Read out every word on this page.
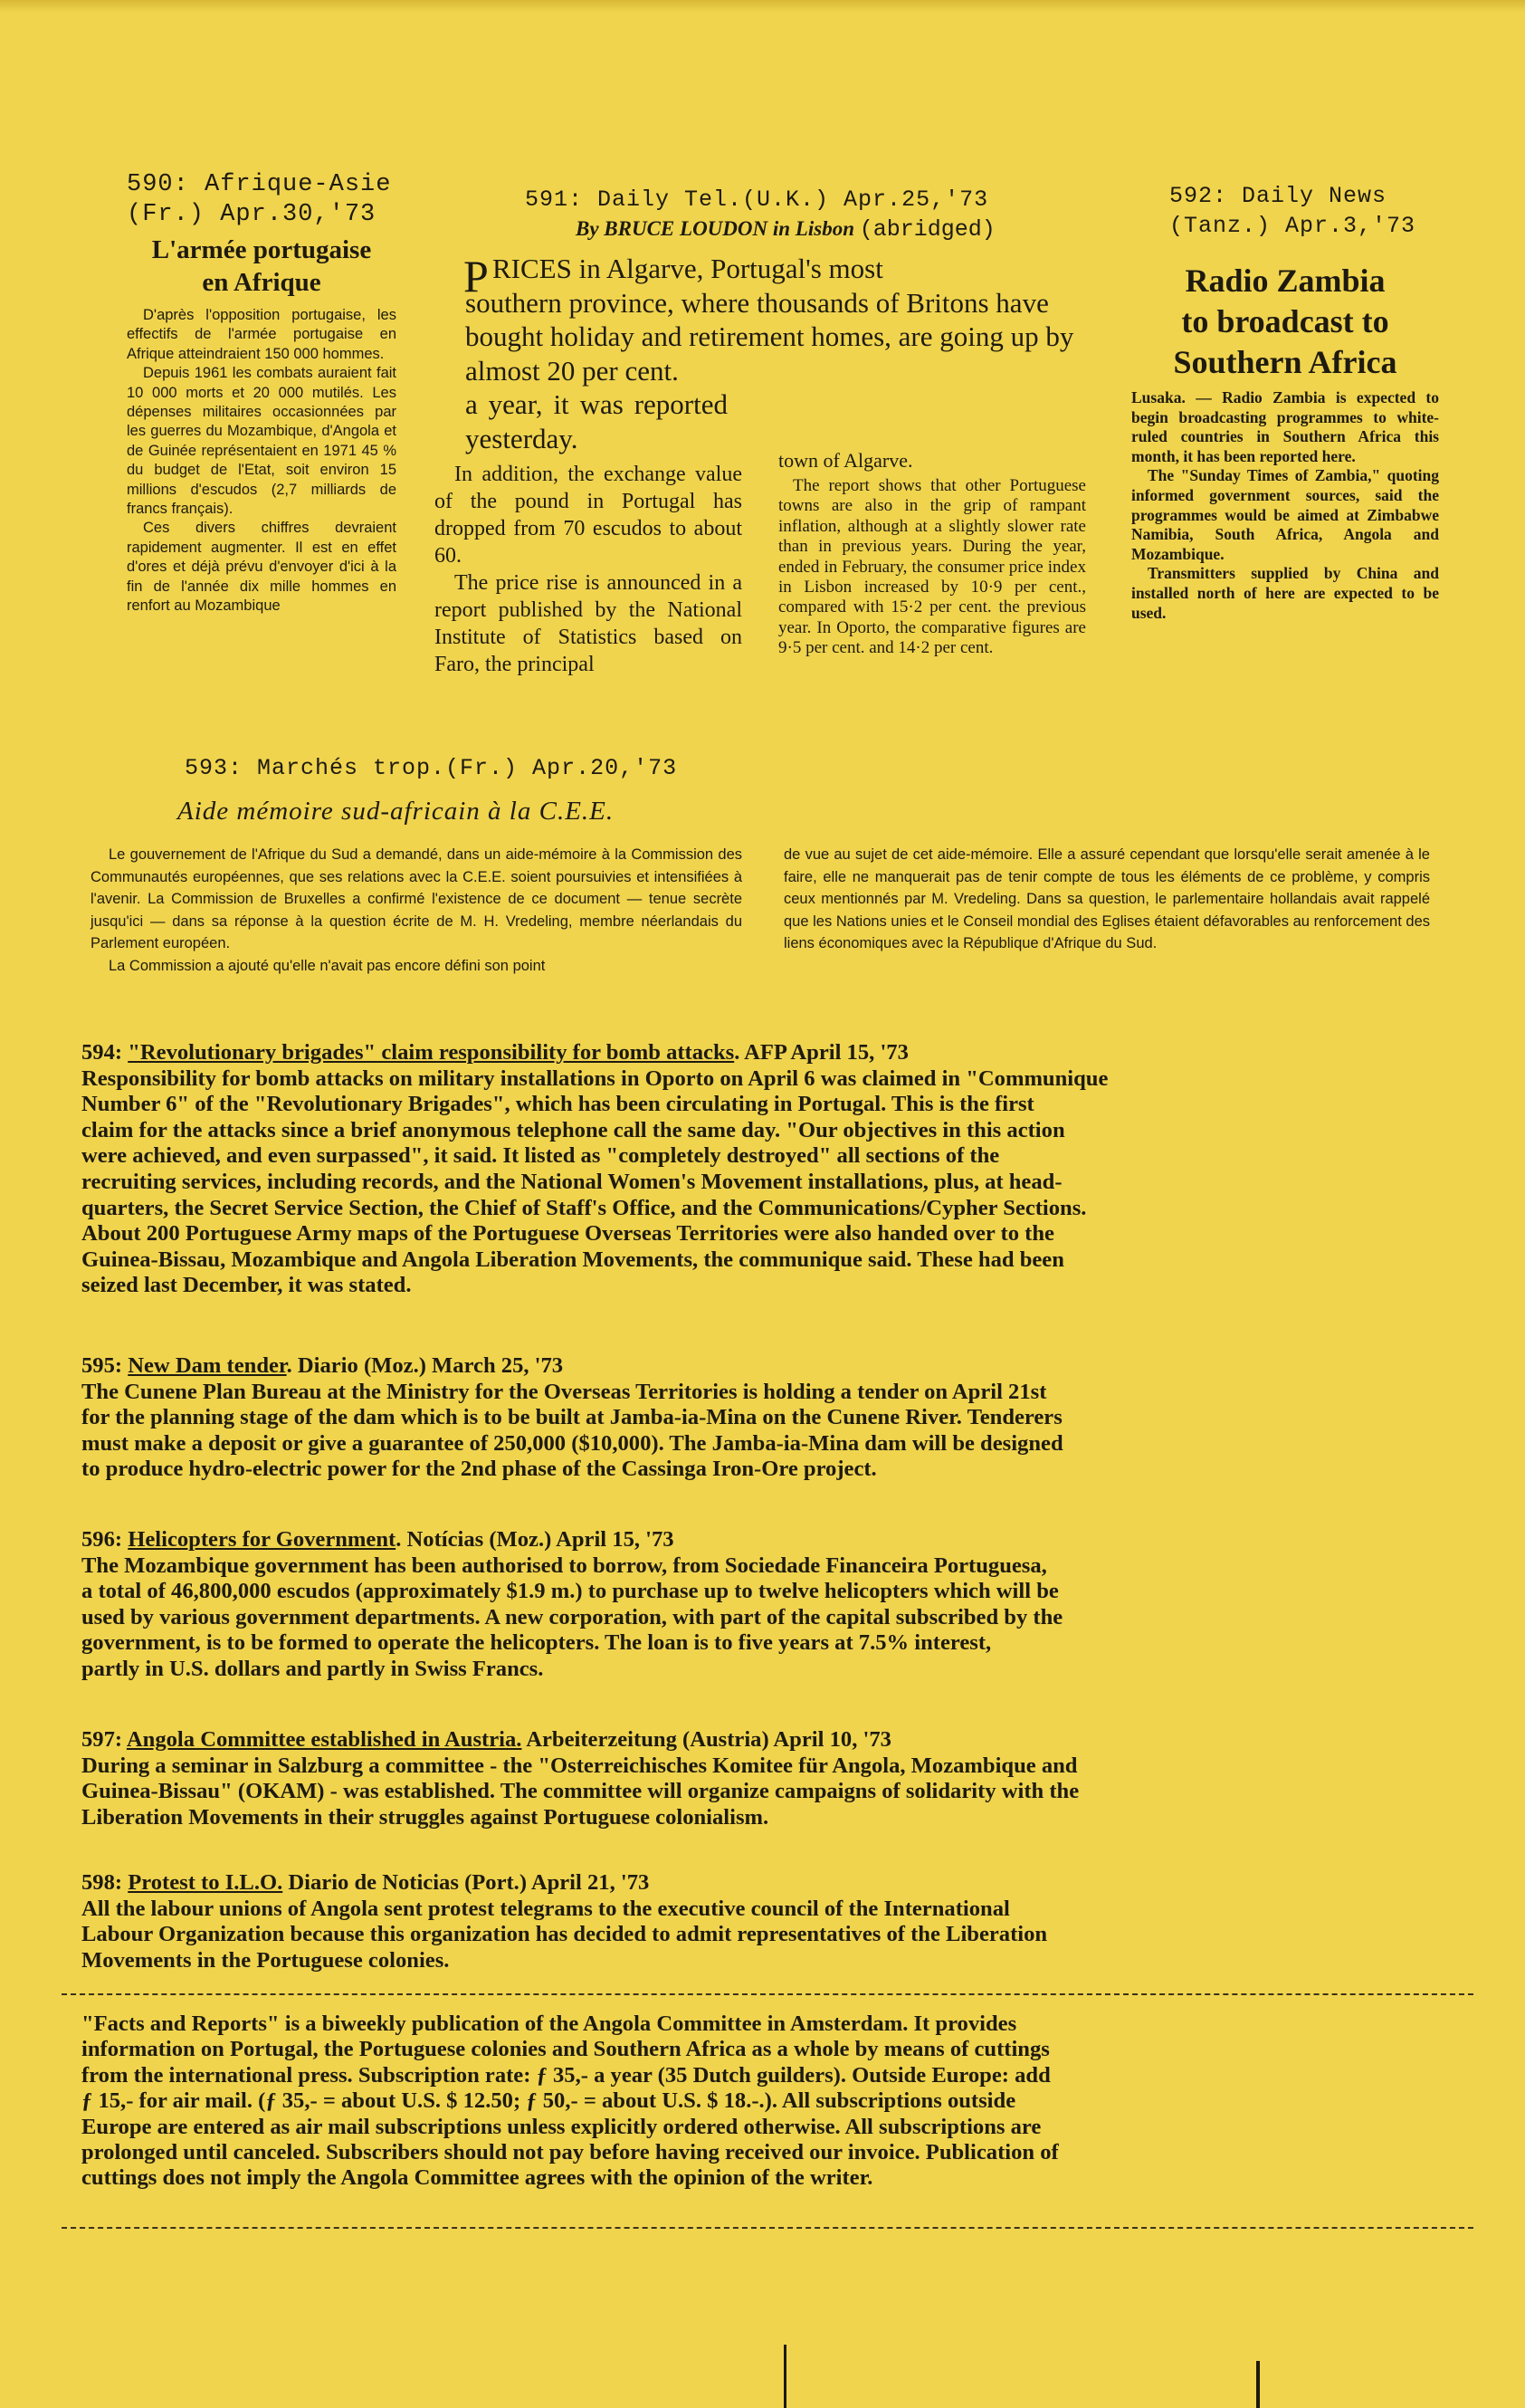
590: Afrique-Asie
(Fr.) Apr.30,'73
L'armée portugaise
en Afrique

D'après l'opposition portugaise, les effectifs de l'armée portugaise en Afrique atteindraient 150 000 hommes.

Depuis 1961 les combats auraient fait 10 000 morts et 20 000 mutilés. Les dépenses militaires occasionnées par les guerres du Mozambique, d'Angola et de Guinée représentaient en 1971 45 % du budget de l'Etat, soit environ 15 millions d'escudos (2,7 milliards de francs français).

Ces divers chiffres devraient rapidement augmenter. Il est en effet d'ores et déjà prévu d'envoyer d'ici à la fin de l'année dix mille hommes en renfort au Mozambique

591: Daily Tel.(U.K.) Apr.25,'73
By BRUCE LOUDON in Lisbon (abridged)
P RICES in Algarve, Portugal's most
southern province, where thousands of Britons have bought holiday and retirement homes, are going up by almost 20 per cent.

a year, it was reported yesterday.

In addition, the exchange value of the pound in Portugal has dropped from 70 escudos to about 60.

The price rise is announced in a report published by the National Institute of Statistics based on Faro, the principal

town of Algarve.

The report shows that other Portuguese towns are also in the grip of rampant inflation, although at a slightly slower rate than in previous years. During the year, ended in February, the consumer price index in Lisbon increased by 10·9 per cent., compared with 15·2 per cent. the previous year. In Oporto, the comparative figures are 9·5 per cent. and 14·2 per cent.

592: Daily News
(Tanz.) Apr.3,'73
Radio Zambia
to broadcast to
Southern Africa

Lusaka. — Radio Zambia is expected to begin broadcasting programmes to white-ruled countries in Southern Africa this month, it has been reported here.

The "Sunday Times of Zambia," quoting informed government sources, said the programmes would be aimed at Zimbabwe Namibia, South Africa, Angola and Mozambique.

Transmitters supplied by China and installed north of here are expected to be used.

593: Marchés trop.(Fr.) Apr.20,'73
Aide mémoire sud-africain à la C.E.E.

Le gouvernement de l'Afrique du Sud a demandé, dans un aide-mémoire à la Commission des Communautés européennes, que ses relations avec la C.E.E. soient poursuivies et intensifiées à l'avenir. La Commission de Bruxelles a confirmé l'existence de ce document — tenue secrète jusqu'ici — dans sa réponse à la question écrite de M. H. Vredeling, membre néerlandais du Parlement européen.

La Commission a ajouté qu'elle n'avait pas encore défini son point

de vue au sujet de cet aide-mémoire. Elle a assuré cependant que lorsqu'elle serait amenée à le faire, elle ne manquerait pas de tenir compte de tous les éléments de ce problème, y compris ceux mentionnés par M. Vredeling. Dans sa question, le parlementaire hollandais avait rappelé que les Nations unies et le Conseil mondial des Eglises étaient défavorables au renforcement des liens économiques avec la République d'Afrique du Sud.

594: "Revolutionary brigades" claim responsibility for bomb attacks. AFP April 15, '73
Responsibility for bomb attacks on military installations in Oporto on April 6 was claimed in "Communique
Number 6" of the "Revolutionary Brigades", which has been circulating in Portugal. This is the first
claim for the attacks since a brief anonymous telephone call the same day. "Our objectives in this action
were achieved, and even surpassed", it said. It listed as "completely destroyed" all sections of the
recruiting services, including records, and the National Women's Movement installations, plus, at head-
quarters, the Secret Service Section, the Chief of Staff's Office, and the Communications/Cypher Sections.
About 200 Portuguese Army maps of the Portuguese Overseas Territories were also handed over to the
Guinea-Bissau, Mozambique and Angola Liberation Movements, the communique said. These had been
seized last December, it was stated.
595: New Dam tender. Diario (Moz.) March 25, '73
The Cunene Plan Bureau at the Ministry for the Overseas Territories is holding a tender on April 21st
for the planning stage of the dam which is to be built at Jamba-ia-Mina on the Cunene River. Tenderers
must make a deposit or give a guarantee of 250,000 ($10,000). The Jamba-ia-Mina dam will be designed
to produce hydro-electric power for the 2nd phase of the Cassinga Iron-Ore project.
596: Helicopters for Government. Notícias (Moz.) April 15, '73
The Mozambique government has been authorised to borrow, from Sociedade Financeira Portuguesa,
a total of 46,800,000 escudos (approximately $1.9 m.) to purchase up to twelve helicopters which will be
used by various government departments. A new corporation, with part of the capital subscribed by the
government, is to be formed to operate the helicopters. The loan is to five years at 7.5% interest,
partly in U.S. dollars and partly in Swiss Francs.
597: Angola Committee established in Austria. Arbeiterzeitung (Austria) April 10, '73
During a seminar in Salzburg a committee - the "Osterreichisches Komitee für Angola, Mozambique and
Guinea-Bissau" (OKAM) - was established. The committee will organize campaigns of solidarity with the
Liberation Movements in their struggles against Portuguese colonialism.
598: Protest to I.L.O. Diario de Noticias (Port.) April 21, '73
All the labour unions of Angola sent protest telegrams to the executive council of the International
Labour Organization because this organization has decided to admit representatives of the Liberation
Movements in the Portuguese colonies.
"Facts and Reports" is a biweekly publication of the Angola Committee in Amsterdam. It provides
information on Portugal, the Portuguese colonies and Southern Africa as a whole by means of cuttings
from the international press. Subscription rate: ƒ 35,- a year (35 Dutch guilders). Outside Europe: add
ƒ 15,- for air mail. (ƒ 35,- = about U.S. $ 12.50; ƒ 50,- = about U.S. $ 18.-.). All subscriptions outside
Europe are entered as air mail subscriptions unless explicitly ordered otherwise. All subscriptions are
prolonged until canceled. Subscribers should not pay before having received our invoice. Publication of
cuttings does not imply the Angola Committee agrees with the opinion of the writer.
